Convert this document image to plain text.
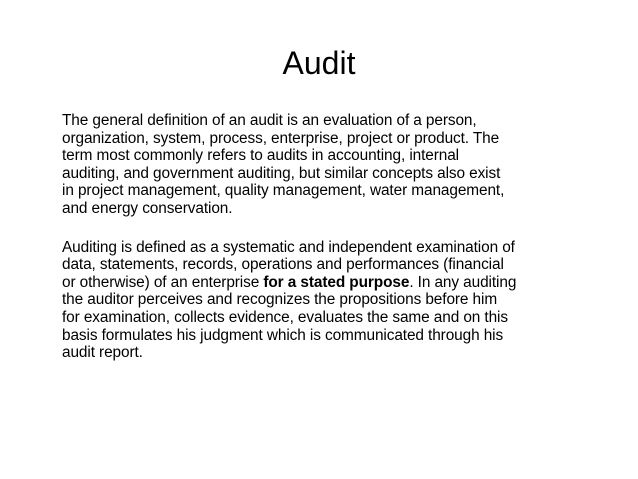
Audit

The general definition of an audit is an evaluation of a person,
organization, system, process, enterprise, project or product. The
term most commonly refers to audits in accounting, internal
auditing, and government auditing, but similar concepts also exist
in project management, quality management, water management,
and energy conservation.

Auditing is defined as a systematic and independent examination of
data, statements, records, operations and performances (financial
or otherwise) of an enterprise for a stated purpose. In any auditing
the auditor perceives and recognizes the propositions before him
for examination, collects evidence, evaluates the same and on this
basis formulates his judgment which is communicated through his
audit report.
